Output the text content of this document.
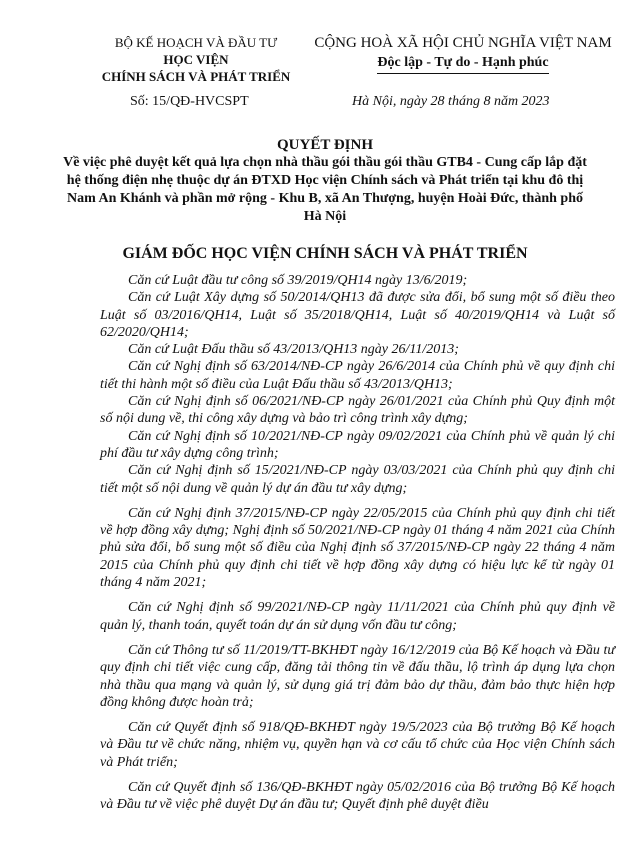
BỘ KẾ HOẠCH VÀ ĐẦU TƯ
HỌC VIỆN
CHÍNH SÁCH VÀ PHÁT TRIỂN
CỘNG HOÀ XÃ HỘI CHỦ NGHĨA VIỆT NAM
Độc lập - Tự do - Hạnh phúc
Số: 15/QĐ-HVCSPT	Hà Nội, ngày 28 tháng 8 năm 2023
QUYẾT ĐỊNH
Về việc phê duyệt kết quả lựa chọn nhà thầu gói thầu gói thầu GTB4 - Cung cấp lắp đặt hệ thống điện nhẹ thuộc dự án ĐTXD Học viện Chính sách và Phát triển tại khu đô thị Nam An Khánh và phần mở rộng - Khu B, xã An Thượng, huyện Hoài Đức, thành phố Hà Nội
GIÁM ĐỐC HỌC VIỆN CHÍNH SÁCH VÀ PHÁT TRIỂN

Căn cứ Luật đầu tư công số 39/2019/QH14 ngày 13/6/2019;

Căn cứ Luật Xây dựng số 50/2014/QH13 đã được sửa đổi, bổ sung một số điều theo Luật số 03/2016/QH14, Luật số 35/2018/QH14, Luật số 40/2019/QH14 và Luật số 62/2020/QH14;

Căn cứ Luật Đấu thầu số 43/2013/QH13 ngày 26/11/2013;

Căn cứ Nghị định số 63/2014/NĐ-CP ngày 26/6/2014 của Chính phủ về quy định chi tiết thi hành một số điều của Luật Đấu thầu số 43/2013/QH13;

Căn cứ Nghị định số 06/2021/NĐ-CP ngày 26/01/2021 của Chính phủ Quy định một số nội dung về, thi công xây dựng và bảo trì công trình xây dựng;

Căn cứ Nghị định số 10/2021/NĐ-CP ngày 09/02/2021 của Chính phủ về quản lý chi phí đầu tư xây dựng công trình;

Căn cứ Nghị định số 15/2021/NĐ-CP ngày 03/03/2021 của Chính phủ quy định chi tiết một số nội dung về quản lý dự án đầu tư xây dựng;

Căn cứ Nghị định 37/2015/NĐ-CP ngày 22/05/2015 của Chính phủ quy định chi tiết về hợp đồng xây dựng; Nghị định số 50/2021/NĐ-CP ngày 01 tháng 4 năm 2021 của Chính phủ sửa đổi, bổ sung một số điều của Nghị định số 37/2015/NĐ-CP ngày 22 tháng 4 năm 2015 của Chính phủ quy định chi tiết về hợp đồng xây dựng có hiệu lực kể từ ngày 01 tháng 4 năm 2021;

Căn cứ Nghị định số 99/2021/NĐ-CP ngày 11/11/2021 của Chính phủ quy định về quản lý, thanh toán, quyết toán dự án sử dụng vốn đầu tư công;

Căn cứ Thông tư số 11/2019/TT-BKHĐT ngày 16/12/2019 của Bộ Kế hoạch và Đầu tư quy định chi tiết việc cung cấp, đăng tải thông tin về đấu thầu, lộ trình áp dụng lựa chọn nhà thầu qua mạng và quản lý, sử dụng giá trị đảm bảo dự thầu, đảm bảo thực hiện hợp đồng không được hoàn trả;

Căn cứ Quyết định số 918/QĐ-BKHĐT ngày 19/5/2023 của Bộ trưởng Bộ Kế hoạch và Đầu tư về chức năng, nhiệm vụ, quyền hạn và cơ cấu tổ chức của Học viện Chính sách và Phát triển;

Căn cứ Quyết định số 136/QĐ-BKHĐT ngày 05/02/2016 của Bộ trưởng Bộ Kế hoạch và Đầu tư về việc phê duyệt Dự án đầu tư; Quyết định phê duyệt điều
